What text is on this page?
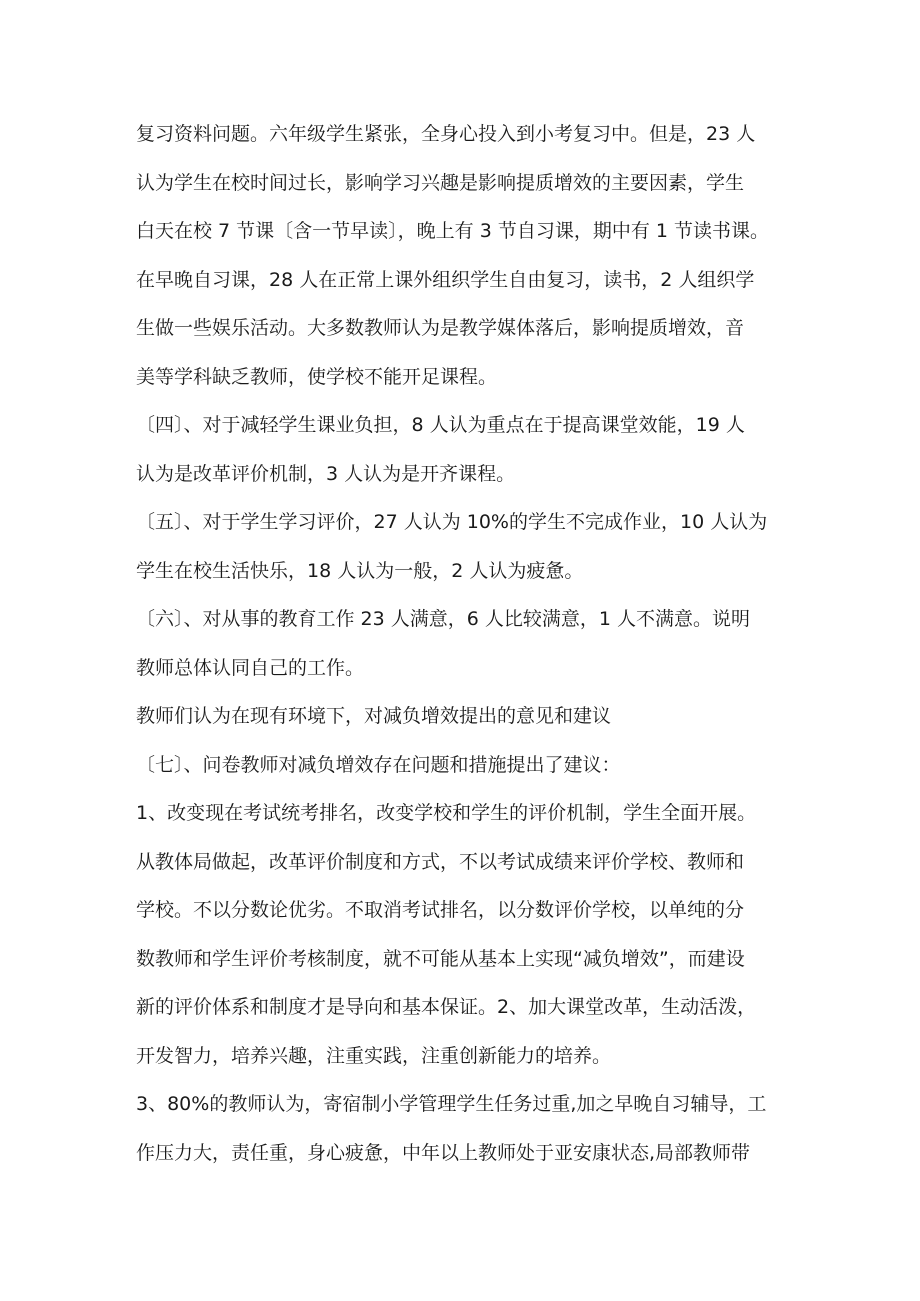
复习资料问题。六年级学生紧张，全身心投入到小考复习中。但是，23 人
认为学生在校时间过长，影响学习兴趣是影响提质增效的主要因素，学生
白天在校 7 节课〔含一节早读〕，晚上有 3 节自习课，期中有 1 节读书课。
在早晚自习课，28 人在正常上课外组织学生自由复习，读书，2 人组织学
生做一些娱乐活动。大多数教师认为是教学媒体落后，影响提质增效，音
美等学科缺乏教师，使学校不能开足课程。
〔四〕、对于减轻学生课业负担，8 人认为重点在于提高课堂效能，19 人
认为是改革评价机制，3 人认为是开齐课程。
〔五〕、对于学生学习评价，27 人认为 10%的学生不完成作业，10 人认为
学生在校生活快乐，18 人认为一般，2 人认为疲惫。
〔六〕、对从事的教育工作 23 人满意，6 人比较满意，1 人不满意。说明
教师总体认同自己的工作。
教师们认为在现有环境下，对减负增效提出的意见和建议
〔七〕、问卷教师对减负增效存在问题和措施提出了建议：
1、改变现在考试统考排名，改变学校和学生的评价机制，学生全面开展。
从教体局做起，改革评价制度和方式，不以考试成绩来评价学校、教师和
学校。不以分数论优劣。不取消考试排名，以分数评价学校，以单纯的分
数教师和学生评价考核制度，就不可能从基本上实现“减负增效”，而建设
新的评价体系和制度才是导向和基本保证。2、加大课堂改革，生动活泼，
开发智力，培养兴趣，注重实践，注重创新能力的培养。
3、80%的教师认为，寄宿制小学管理学生任务过重,加之早晚自习辅导，工
作压力大，责任重，身心疲惫，中年以上教师处于亚安康状态,局部教师带
